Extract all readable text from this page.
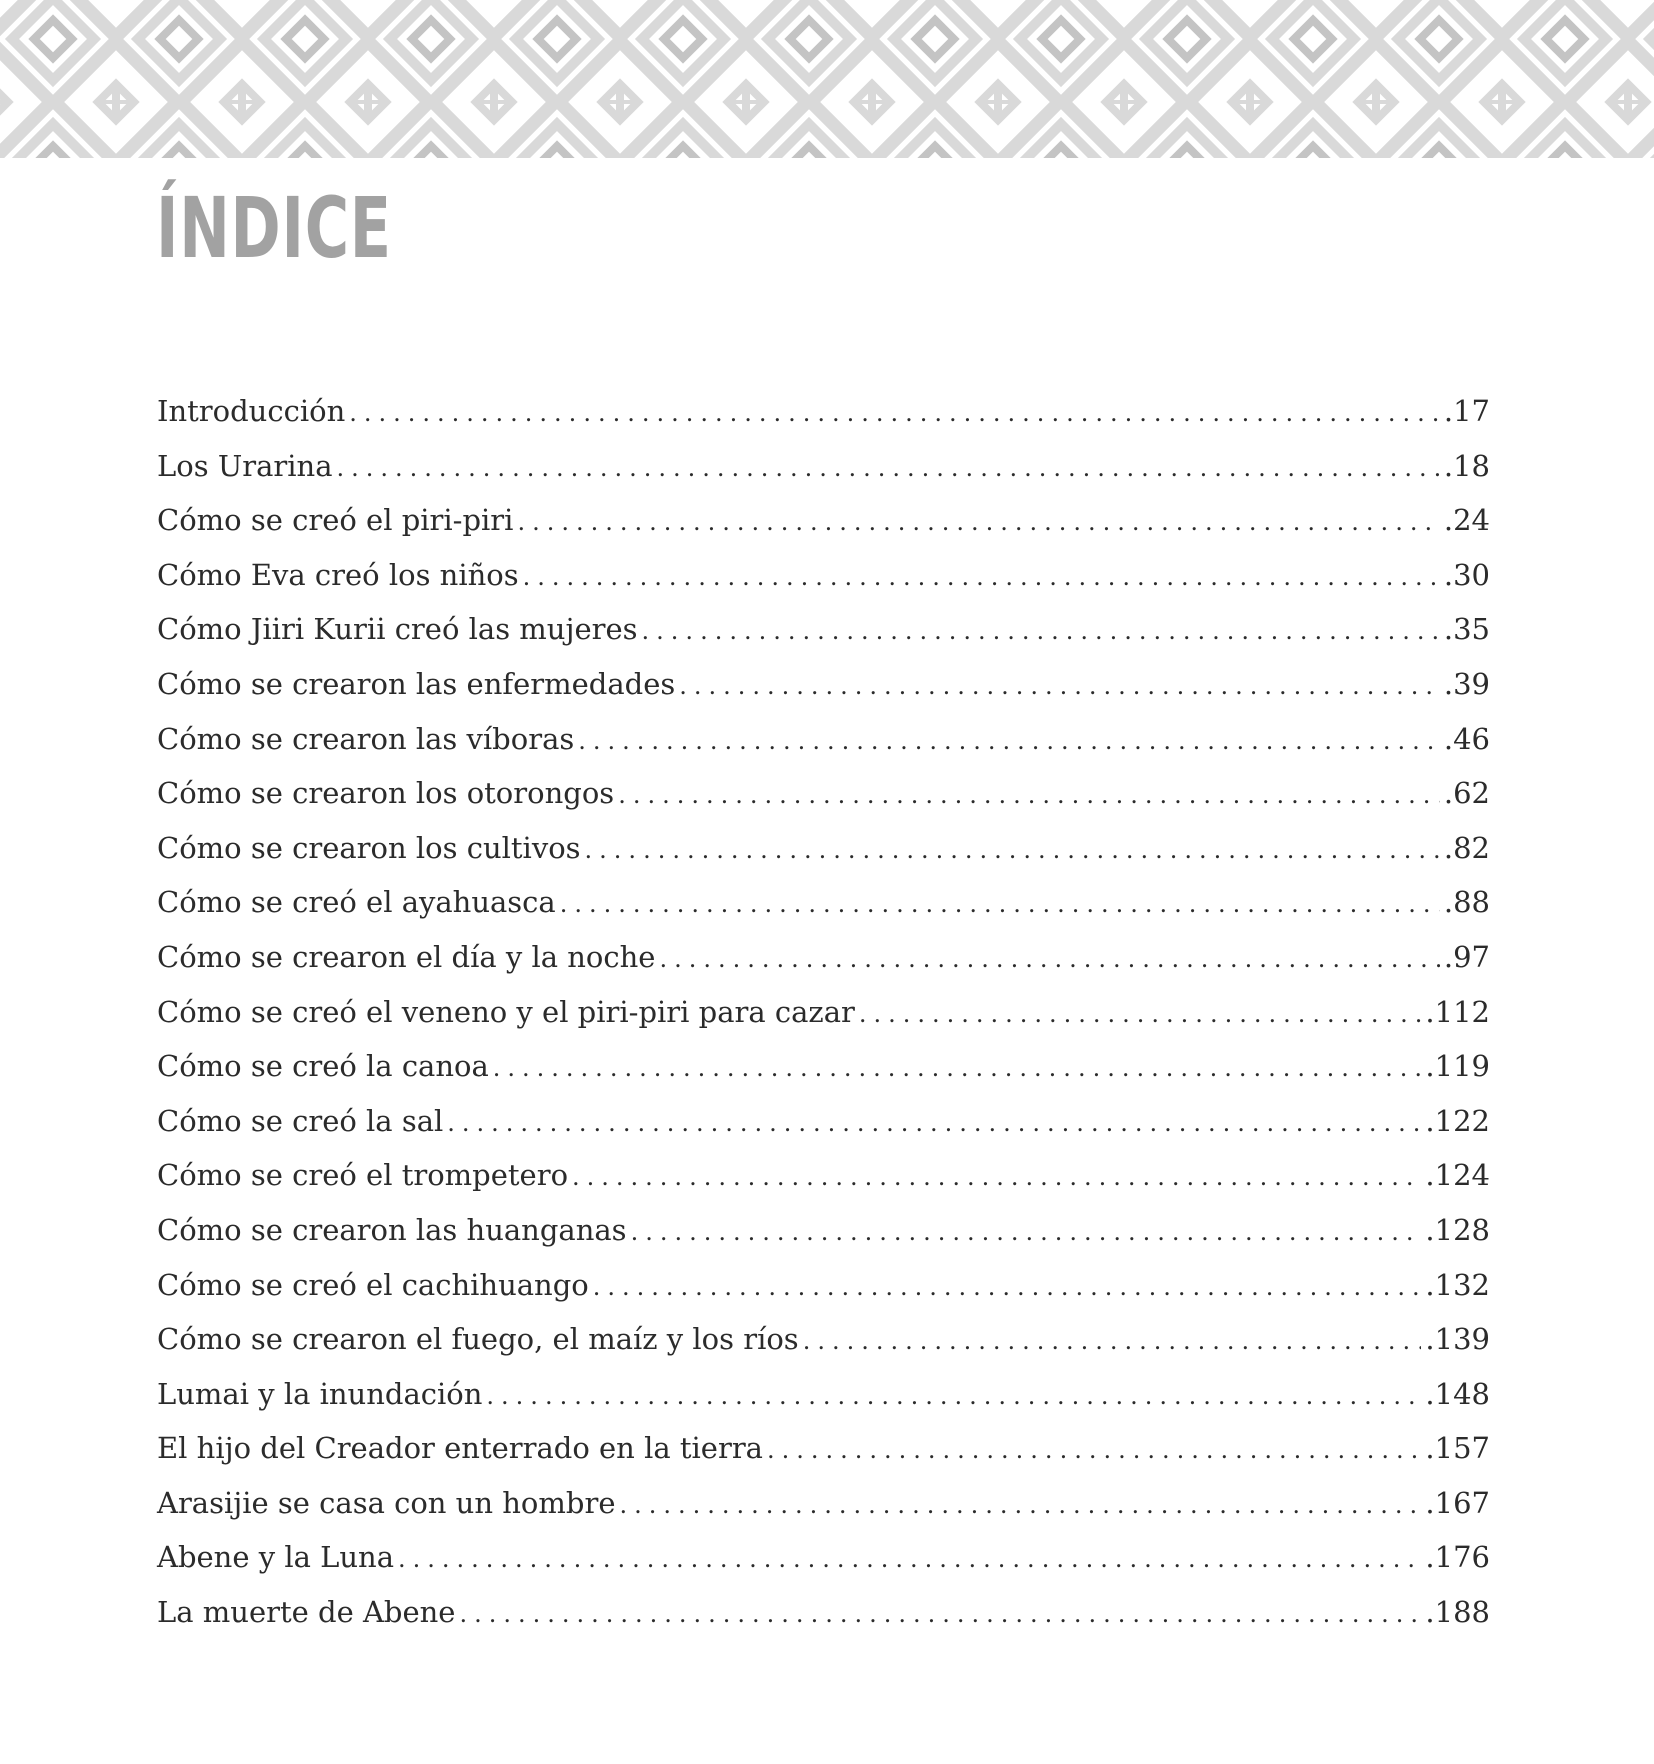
ÍNDICE
Introducción .....	.17
Los Urarina .....	.18
Cómo se creó el piri-piri .....	.24
Cómo Eva creó los niños .....	.30
Cómo Jiiri Kurii creó las mujeres .....	.35
Cómo se crearon las enfermedades .....	.39
Cómo se crearon las víboras .....	.46
Cómo se crearon los otorongos .....	.62
Cómo se crearon los cultivos .....	.82
Cómo se creó el ayahuasca .....	.88
Cómo se crearon el día y la noche .....	.97
Cómo se creó el veneno y el piri-piri para cazar .....	.112
Cómo se creó la canoa .....	.119
Cómo se creó la sal .....	.122
Cómo se creó el trompetero .....	.124
Cómo se crearon las huanganas .....	.128
Cómo se creó el cachihuango .....	.132
Cómo se crearon el fuego, el maíz y los ríos .....	.139
Lumai y la inundación .....	.148
El hijo del Creador enterrado en la tierra .....	.157
Arasijie se casa con un hombre .....	.167
Abene y la Luna .....	.176
La muerte de Abene .....	.188
